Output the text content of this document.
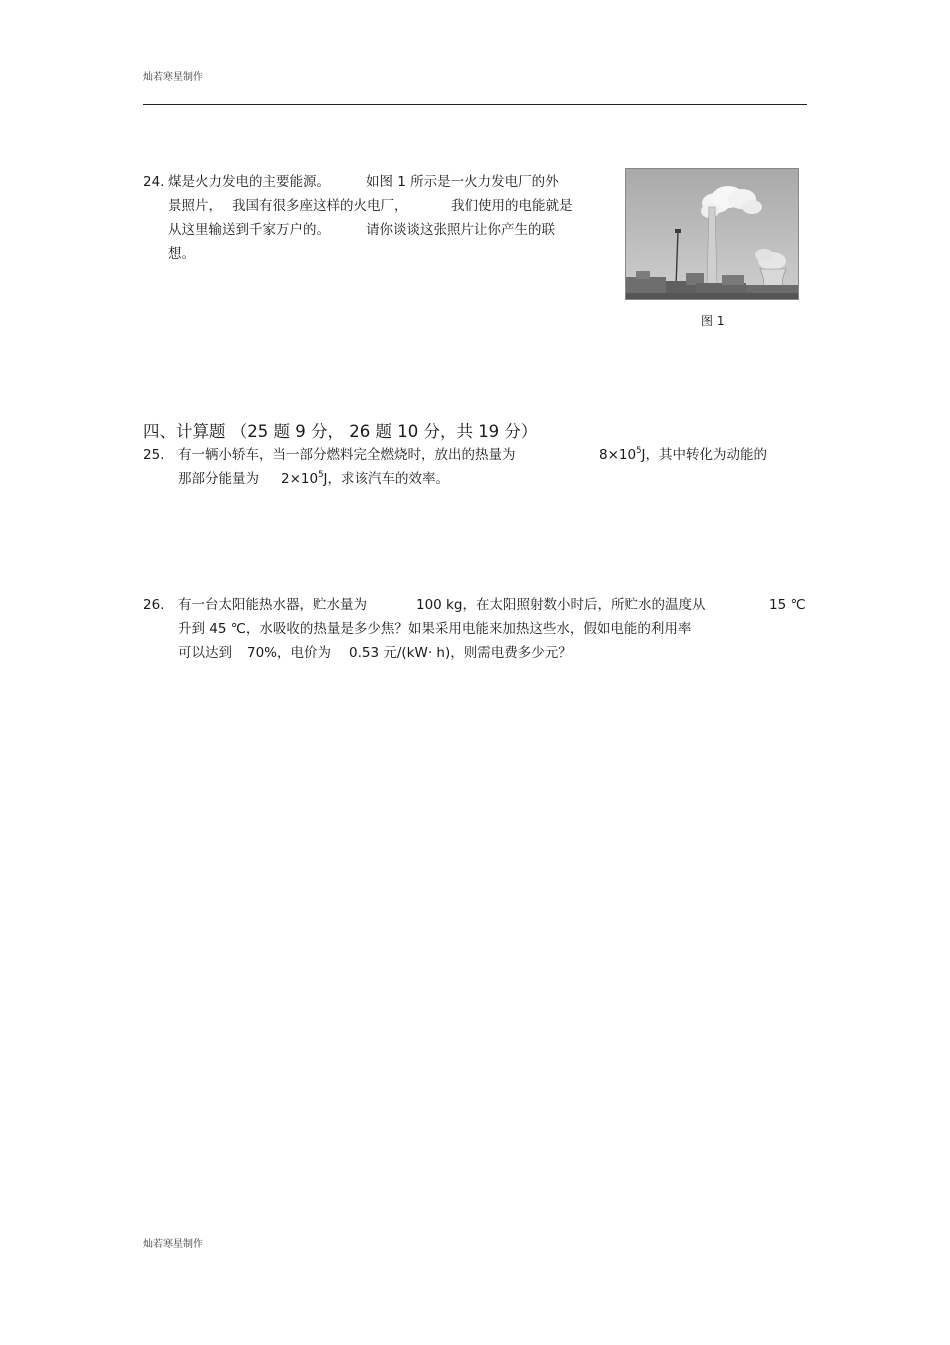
灿若寒星制作
24. 煤是火力发电的主要能源。	如图 1 所示是一火力发电厂的外
景照片， 我国有很多座这样的火电厂，	我们使用的电能就是
从这里输送到千家万户的。	请你谈谈这张照片让你产生的联
想。
图 1
四、计算题 （25 题 9 分， 26 题 10 分，共 19 分）
25. 有一辆小轿车，当一部分燃料完全燃烧时，放出的热量为	$8\times 10^5J$，其中转化为动能的
那部分能量为 $2\times 10^5J$，求该汽车的效率。
26. 有一台太阳能热水器，贮水量为	100 kg，在太阳照射数小时后，所贮水的温度从	15 ℃
升到 45 ℃，水吸收的热量是多少焦？如果采用电能来加热这些水，假如电能的利用率
可以达到 70%，电价为 0.53 元/(kW· h)，则需电费多少元？
灿若寒星制作
